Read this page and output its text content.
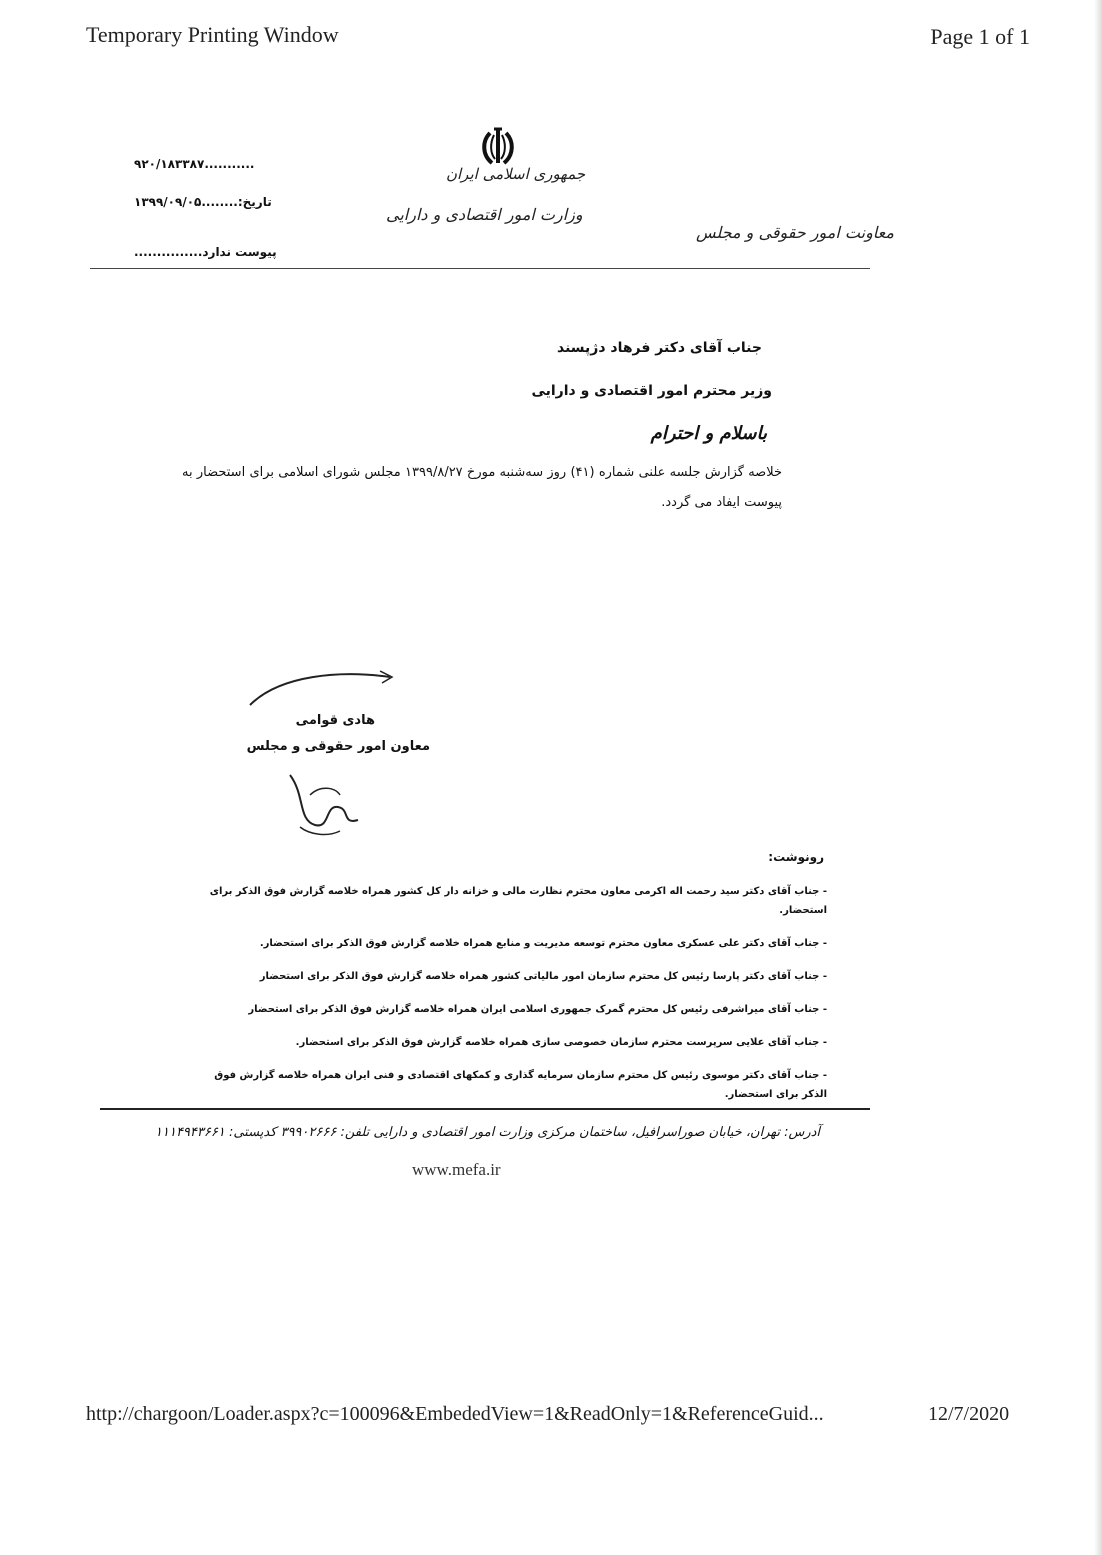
Temporary Printing Window	Page 1 of 1
جمهوری اسلامی ایران
وزارت امور اقتصادی و دارایی
معاونت امور حقوقی و مجلس
...........۹۲۰/۱۸۳۳۸۷
تاریخ:........۱۳۹۹/۰۹/۰۵
پیوست ندارد...............
جناب آقای دکتر فرهاد دژپسند
وزیر محترم امور اقتصادی و دارایی
باسلام و احترام
خلاصه گزارش جلسه علنی شماره (۴۱) روز سه‌شنبه مورخ ۱۳۹۹/۸/۲۷ مجلس شورای اسلامی برای استحضار به پیوست ایفاد می گردد.
هادی قوامی
معاون امور حقوقی و مجلس
رونوشت:
- جناب آقای دکتر سید رحمت اله اکرمی معاون محترم نظارت مالی و خزانه دار کل کشور همراه خلاصه گزارش فوق الذکر برای استحضار.
- جناب آقای دکتر علی عسکری معاون محترم توسعه مدیریت و منابع همراه خلاصه گزارش فوق الذکر برای استحضار.
- جناب آقای دکتر پارسا رئیس کل محترم سازمان امور مالیاتی کشور همراه خلاصه گزارش فوق الذکر برای استحضار
- جناب آقای میراشرفی رئیس کل محترم گمرک جمهوری اسلامی ایران همراه خلاصه گزارش فوق الذکر برای استحضار
- جناب آقای علایی سرپرست محترم سازمان خصوصی سازی همراه خلاصه گزارش فوق الذکر برای استحضار.
- جناب آقای دکتر موسوی رئیس کل محترم سازمان سرمایه گذاری و کمکهای اقتصادی و فنی ایران همراه خلاصه گزارش فوق الذکر برای استحضار.
آدرس: تهران، خیابان صوراسرافیل، ساختمان مرکزی وزارت امور اقتصادی و دارایی تلفن: ۳۹۹۰۲۶۶۶ کدپستی: ۱۱۱۴۹۴۳۶۶۱
www.mefa.ir
http://chargoon/Loader.aspx?c=100096&EmbededView=1&ReadOnly=1&ReferenceGuid...	12/7/2020
